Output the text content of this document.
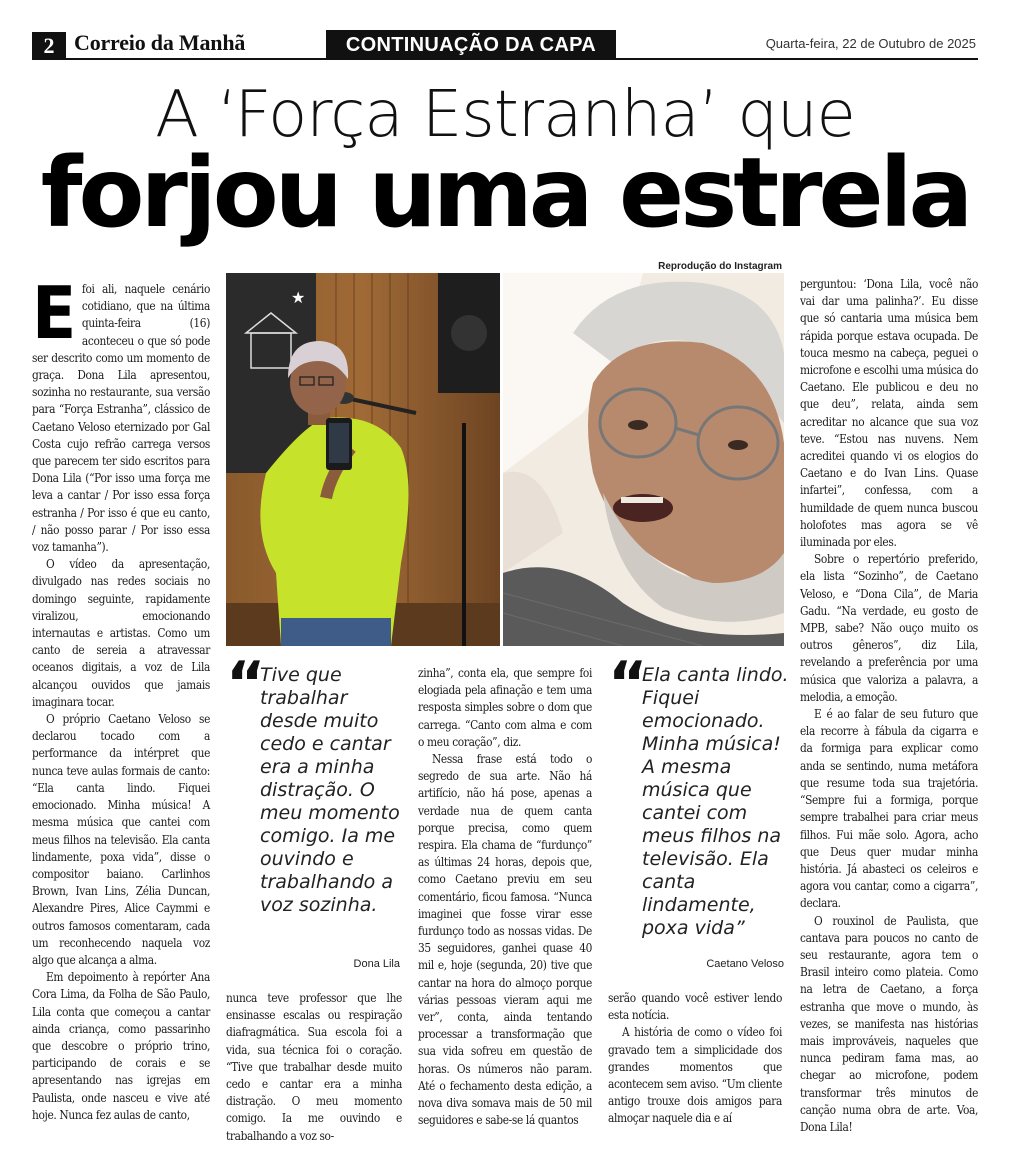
2 Correio da Manhã	CONTINUAÇÃO DA CAPA	Quarta-feira, 22 de Outubro de 2025
A ‘Força Estranha’ que
forjou uma estrela
Reprodução do Instagram
★
E foi ali, naquele cenário cotidiano, que na última quinta-feira (16) aconteceu o que só pode ser descrito como um momento de graça. Dona Lila apresentou, sozinha no restaurante, sua versão para “Força Estranha”, clássico de Caetano Veloso eternizado por Gal Costa cujo refrão carrega versos que parecem ter sido escritos para Dona Lila (“Por isso uma força me leva a cantar / Por isso essa força estranha / Por isso é que eu canto, / não posso parar / Por isso essa voz tamanha”).

O vídeo da apresentação, divulgado nas redes sociais no domingo seguinte, rapidamente viralizou, emocionando internautas e artistas. Como um canto de sereia a atravessar oceanos digitais, a voz de Lila alcançou ouvidos que jamais imaginara tocar.

O próprio Caetano Veloso se declarou tocado com a performance da intérpret que nunca teve aulas formais de canto: “Ela canta lindo. Fiquei emocionado. Minha música! A mesma música que cantei com meus filhos na televisão. Ela canta lindamente, poxa vida”, disse o compositor baiano. Carlinhos Brown, Ivan Lins, Zélia Duncan, Alexandre Pires, Alice Caymmi e outros famosos comentaram, cada um reconhecendo naquela voz algo que alcança a alma.

Em depoimento à repórter Ana Cora Lima, da Folha de São Paulo, Lila conta que começou a cantar ainda criança, como passarinho que descobre o próprio trino, participando de corais e se apresentando nas igrejas em Paulista, onde nasceu e vive até hoje. Nunca fez aulas de canto,

“
Tive que trabalhar desde muito cedo e cantar era a minha distração. O meu momento comigo. Ia me ouvindo e trabalhando a voz sozinha.
Dona Lila

nunca teve professor que lhe ensinasse escalas ou respiração diafragmática. Sua escola foi a vida, sua técnica foi o coração. “Tive que trabalhar desde muito cedo e cantar era a minha distração. O meu momento comigo. Ia me ouvindo e trabalhando a voz so-

zinha”, conta ela, que sempre foi elogiada pela afinação e tem uma resposta simples sobre o dom que carrega. “Canto com alma e com o meu coração”, diz.

Nessa frase está todo o segredo de sua arte. Não há artifício, não há pose, apenas a verdade nua de quem canta porque precisa, como quem respira. Ela chama de “furdunço” as últimas 24 horas, depois que, como Caetano previu em seu comentário, ficou famosa. “Nunca imaginei que fosse virar esse furdunço todo as nossas vidas. De 35 seguidores, ganhei quase 40 mil e, hoje (segunda, 20) tive que cantar na hora do almoço porque várias pessoas vieram aqui me ver”, conta, ainda tentando processar a transformação que sua vida sofreu em questão de horas. Os números não param. Até o fechamento desta edição, a nova diva somava mais de 50 mil seguidores e sabe-se lá quantos

“
Ela canta lindo. Fiquei emocionado. Minha música! A mesma música que cantei com meus filhos na televisão. Ela canta lindamente, poxa vida”
Caetano Veloso

serão quando você estiver lendo esta notícia.

A história de como o vídeo foi gravado tem a simplicidade dos grandes momentos que acontecem sem aviso. “Um cliente antigo trouxe dois amigos para almoçar naquele dia e aí

perguntou: ‘Dona Lila, você não vai dar uma palinha?’. Eu disse que só cantaria uma música bem rápida porque estava ocupada. De touca mesmo na cabeça, peguei o microfone e escolhi uma música do Caetano. Ele publicou e deu no que deu”, relata, ainda sem acreditar no alcance que sua voz teve. “Estou nas nuvens. Nem acreditei quando vi os elogios do Caetano e do Ivan Lins. Quase infartei”, confessa, com a humildade de quem nunca buscou holofotes mas agora se vê iluminada por eles.

Sobre o repertório preferido, ela lista “Sozinho”, de Caetano Veloso, e “Dona Cila”, de Maria Gadu. “Na verdade, eu gosto de MPB, sabe? Não ouço muito os outros gêneros”, diz Lila, revelando a preferência por uma música que valoriza a palavra, a melodia, a emoção.

E é ao falar de seu futuro que ela recorre à fábula da cigarra e da formiga para explicar como anda se sentindo, numa metáfora que resume toda sua trajetória. “Sempre fui a formiga, porque sempre trabalhei para criar meus filhos. Fui mãe solo. Agora, acho que Deus quer mudar minha história. Já abasteci os celeiros e agora vou cantar, como a cigarra”, declara.

O rouxinol de Paulista, que cantava para poucos no canto de seu restaurante, agora tem o Brasil inteiro como plateia. Como na letra de Caetano, a força estranha que move o mundo, às vezes, se manifesta nas histórias mais improváveis, naqueles que nunca pediram fama mas, ao chegar ao microfone, podem transformar três minutos de canção numa obra de arte. Voa, Dona Lila!
